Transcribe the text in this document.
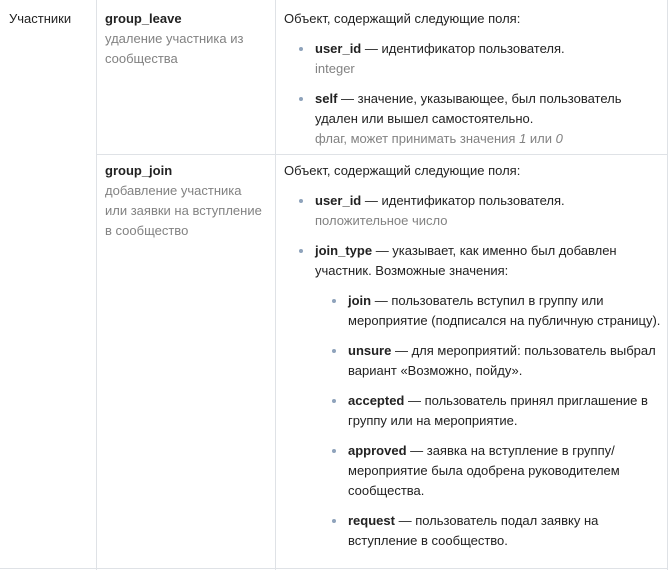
Участники	group_leave
удаление участника из сообщества
Объект, содержащий следующие поля:
user_id — идентификатор пользователя.
integer
self — значение, указывающее, был пользователь удален или вышел самостоятельно.
флаг, может принимать значения 1 или 0
group_join
добавление участника или заявки на вступление в сообщество
Объект, содержащий следующие поля:
user_id — идентификатор пользователя.
положительное число
join_type — указывает, как именно был добавлен участник. Возможные значения:
join — пользователь вступил в группу или мероприятие (подписался на публичную страницу).
unsure — для мероприятий: пользователь выбрал вариант «Возможно, пойду».
accepted — пользователь принял приглашение в группу или на мероприятие.
approved — заявка на вступление в группу/мероприятие была одобрена руководителем сообщества.
request — пользователь подал заявку на вступление в сообщество.
